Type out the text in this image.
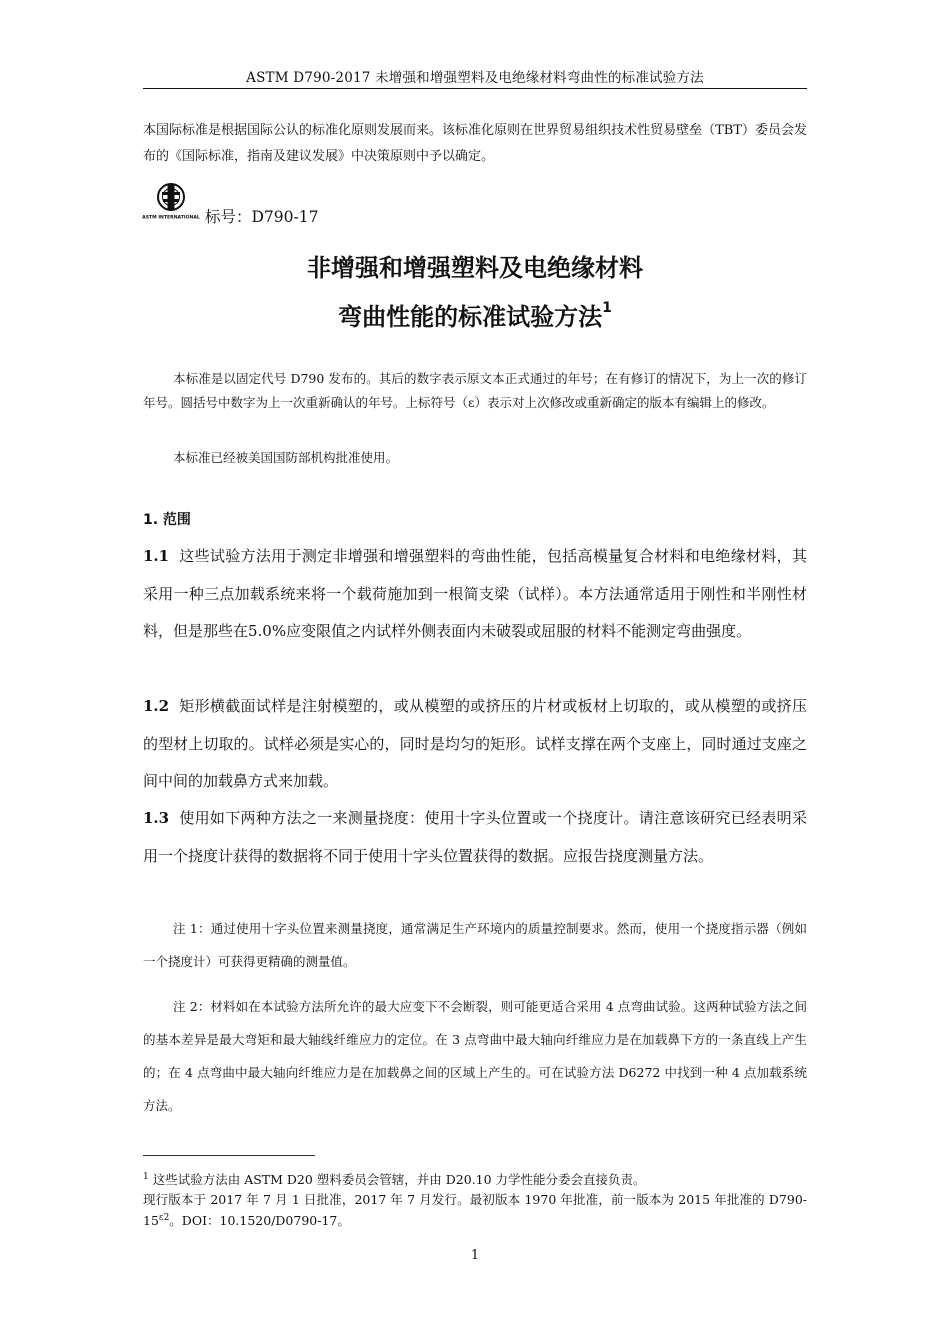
ASTM D790-2017 未增强和增强塑料及电绝缘材料弯曲性的标准试验方法
本国际标准是根据国际公认的标准化原则发展而来。该标准化原则在世界贸易组织技术性贸易壁垒（TBT）委员会发布的《国际标准，指南及建议发展》中决策原则中予以确定。
ASTM INTERNATIONAL 标号：D790-17
非增强和增强塑料及电绝缘材料
弯曲性能的标准试验方法$^1$
本标准是以固定代号 D790 发布的。其后的数字表示原文本正式通过的年号；在有修订的情况下，为上一次的修订年号。圆括号中数字为上一次重新确认的年号。上标符号（ε）表示对上次修改或重新确定的版本有编辑上的修改。
本标准已经被美国国防部机构批准使用。
1. 范围
1.1 这些试验方法用于测定非增强和增强塑料的弯曲性能，包括高模量复合材料和电绝缘材料，其采用一种三点加载系统来将一个载荷施加到一根简支梁（试样）。本方法通常适用于刚性和半刚性材料，但是那些在5.0%应变限值之内试样外侧表面内未破裂或屈服的材料不能测定弯曲强度。
1.2 矩形横截面试样是注射模塑的，或从模塑的或挤压的片材或板材上切取的，或从模塑的或挤压的型材上切取的。试样必须是实心的，同时是均匀的矩形。试样支撑在两个支座上，同时通过支座之间中间的加载鼻方式来加载。
1.3 使用如下两种方法之一来测量挠度：使用十字头位置或一个挠度计。请注意该研究已经表明采用一个挠度计获得的数据将不同于使用十字头位置获得的数据。应报告挠度测量方法。
注 1：通过使用十字头位置来测量挠度，通常满足生产环境内的质量控制要求。然而，使用一个挠度指示器（例如一个挠度计）可获得更精确的测量值。
注 2：材料如在本试验方法所允许的最大应变下不会断裂，则可能更适合采用 4 点弯曲试验。这两种试验方法之间的基本差异是最大弯矩和最大轴线纤维应力的定位。在 3 点弯曲中最大轴向纤维应力是在加载鼻下方的一条直线上产生的；在 4 点弯曲中最大轴向纤维应力是在加载鼻之间的区域上产生的。可在试验方法 D6272 中找到一种 4 点加载系统方法。
$^1$ 这些试验方法由 ASTM D20 塑料委员会管辖，并由 D20.10 力学性能分委会直接负责。
现行版本于 2017 年 7 月 1 日批准，2017 年 7 月发行。最初版本 1970 年批准，前一版本为 2015 年批准的 $D790-15^{\varepsilon 2}$。DOI：10.1520/D0790-17。
1
